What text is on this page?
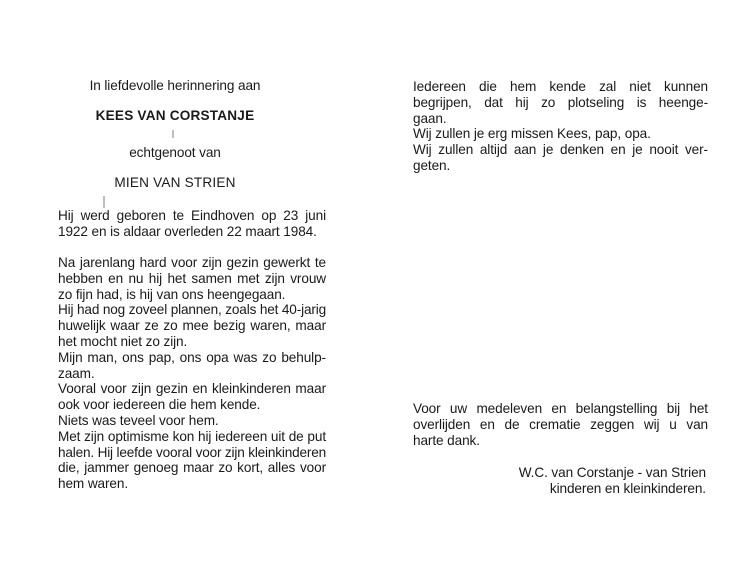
In liefdevolle herinnering aan
KEES VAN CORSTANJE
echtgenoot van
MIEN VAN STRIEN
Hij werd geboren te Eindhoven op 23 juni
1922 en is aldaar overleden 22 maart 1984.
Na jarenlang hard voor zijn gezin gewerkt te
hebben en nu hij het samen met zijn vrouw
zo fijn had, is hij van ons heengegaan.
Hij had nog zoveel plannen, zoals het 40-jarig
huwelijk waar ze zo mee bezig waren, maar
het mocht niet zo zijn.
Mijn man, ons pap, ons opa was zo behulp-
zaam.
Vooral voor zijn gezin en kleinkinderen maar
ook voor iedereen die hem kende.
Niets was teveel voor hem.
Met zijn optimisme kon hij iedereen uit de put
halen. Hij leefde vooral voor zijn kleinkinderen
die, jammer genoeg maar zo kort, alles voor
hem waren.
Iedereen die hem kende zal niet kunnen
begrijpen, dat hij zo plotseling is heenge-
gaan.
Wij zullen je erg missen Kees, pap, opa.
Wij zullen altijd aan je denken en je nooit ver-
geten.
Voor uw medeleven en belangstelling bij het
overlijden en de crematie zeggen wij u van
harte dank.
W.C. van Corstanje - van Strien
kinderen en kleinkinderen.
